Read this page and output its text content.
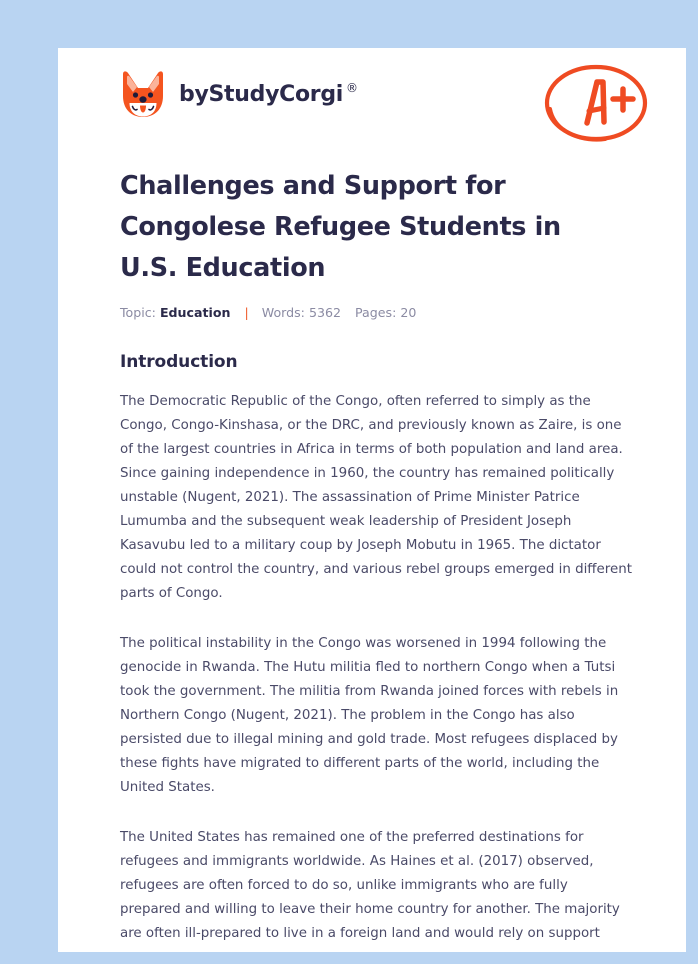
by StudyCorgi ®
Challenges and Support for Congolese Refugee Students in U.S. Education
Topic: Education | Words: 5362 Pages: 20
Introduction

The Democratic Republic of the Congo, often referred to simply as the Congo, Congo-Kinshasa, or the DRC, and previously known as Zaire, is one of the largest countries in Africa in terms of both population and land area. Since gaining independence in 1960, the country has remained politically unstable (Nugent, 2021). The assassination of Prime Minister Patrice Lumumba and the subsequent weak leadership of President Joseph Kasavubu led to a military coup by Joseph Mobutu in 1965. The dictator could not control the country, and various rebel groups emerged in different parts of Congo.

The political instability in the Congo was worsened in 1994 following the genocide in Rwanda. The Hutu militia fled to northern Congo when a Tutsi took the government. The militia from Rwanda joined forces with rebels in Northern Congo (Nugent, 2021). The problem in the Congo has also persisted due to illegal mining and gold trade. Most refugees displaced by these fights have migrated to different parts of the world, including the United States.

The United States has remained one of the preferred destinations for refugees and immigrants worldwide. As Haines et al. (2017) observed, refugees are often forced to do so, unlike immigrants who are fully prepared and willing to leave their home country for another. The majority are often ill-prepared to live in a foreign land and would rely on support
